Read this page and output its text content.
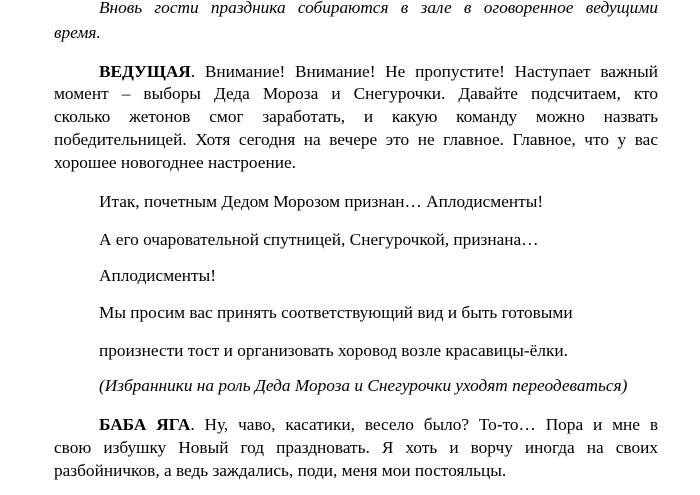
Вновь гости праздника собираются в зале в оговоренное ведущими
время.
ВЕДУЩАЯ. Внимание! Внимание! Не пропустите! Наступает важный
момент – выборы Деда Мороза и Снегурочки. Давайте подсчитаем, кто
сколько жетонов смог заработать, и какую команду можно назвать
победительницей. Хотя сегодня на вечере это не главное. Главное, что у вас
хорошее новогоднее настроение.
Итак, почетным Дедом Морозом признан… Аплодисменты!
А его очаровательной спутницей, Снегурочкой, признана…
Аплодисменты!
Мы просим вас принять соответствующий вид и быть готовыми
произнести тост и организовать хоровод возле красавицы-ёлки.
(Избранники на роль Деда Мороза и Снегурочки уходят переодеваться)
БАБА ЯГА. Ну, чаво, касатики, весело было? То-то… Пора и мне в
свою избушку Новый год праздновать. Я хоть и ворчу иногда на своих
разбойничков, а ведь заждались, поди, меня мои постояльцы.
